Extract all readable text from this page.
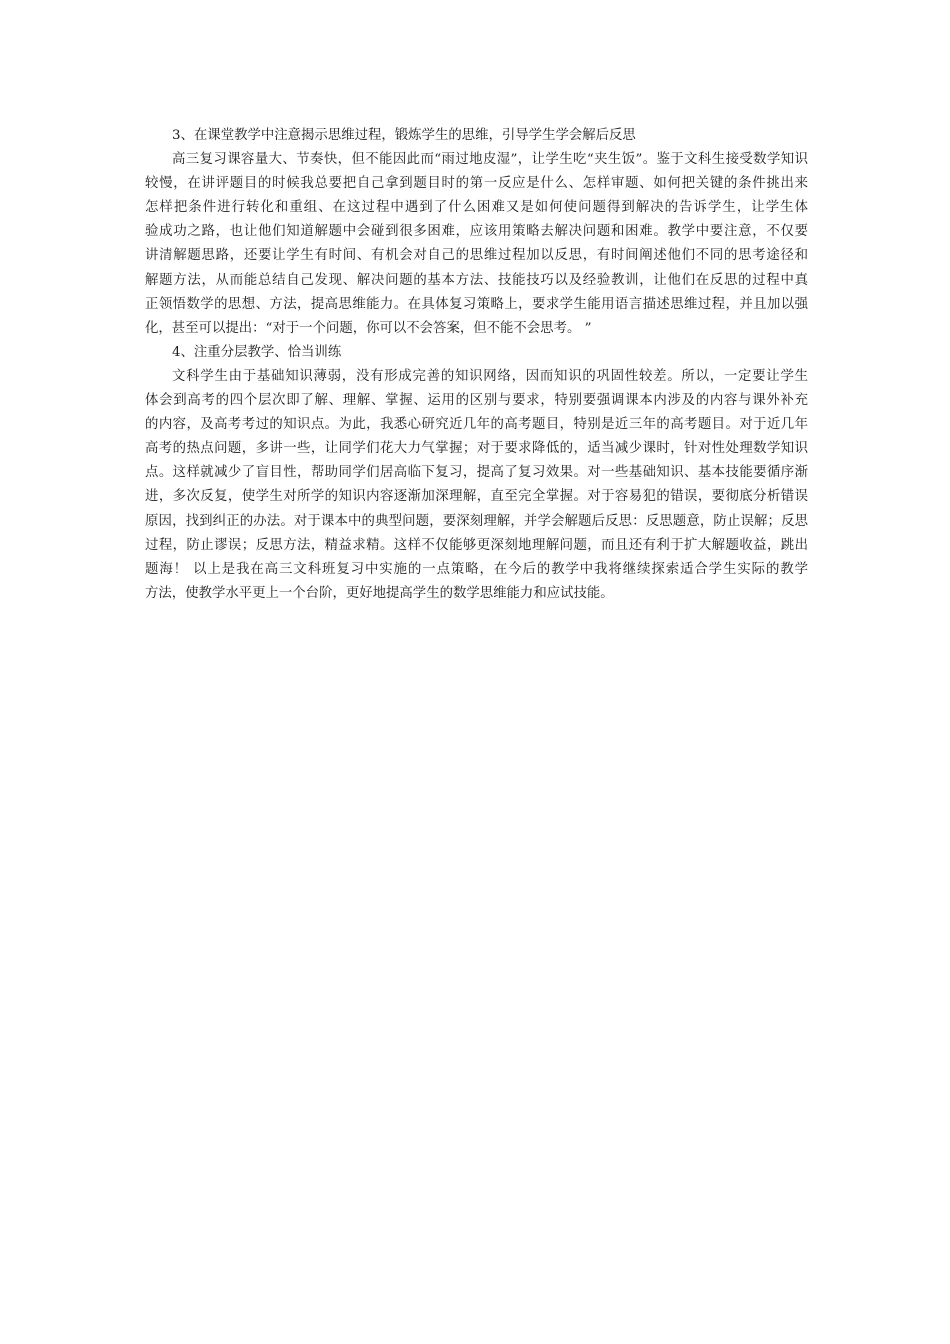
3、在课堂教学中注意揭示思维过程，锻炼学生的思维，引导学生学会解后反思
高三复习课容量大、节奏快，但不能因此而“雨过地皮湿”，让学生吃“夹生饭”。鉴于文科生接受数学知识
较慢，在讲评题目的时候我总要把自己拿到题目时的第一反应是什么、怎样审题、如何把关键的条件挑出来
怎样把条件进行转化和重组、在这过程中遇到了什么困难又是如何使问题得到解决的告诉学生，让学生体
验成功之路，也让他们知道解题中会碰到很多困难，应该用策略去解决问题和困难。教学中要注意，不仅要
讲清解题思路，还要让学生有时间、有机会对自己的思维过程加以反思，有时间阐述他们不同的思考途径和
解题方法，从而能总结自己发现、解决问题的基本方法、技能技巧以及经验教训，让他们在反思的过程中真
正领悟数学的思想、方法，提高思维能力。在具体复习策略上，要求学生能用语言描述思维过程，并且加以强
化，甚至可以提出：“对于一个问题，你可以不会答案，但不能不会思考。 ”
4、注重分层教学、恰当训练
文科学生由于基础知识薄弱，没有形成完善的知识网络，因而知识的巩固性较差。所以，一定要让学生
体会到高考的四个层次即了解、理解、掌握、运用的区别与要求，特别要强调课本内涉及的内容与课外补充
的内容，及高考考过的知识点。为此，我悉心研究近几年的高考题目，特别是近三年的高考题目。对于近几年
高考的热点问题，多讲一些，让同学们花大力气掌握；对于要求降低的，适当减少课时，针对性处理数学知识
点。这样就减少了盲目性，帮助同学们居高临下复习，提高了复习效果。对一些基础知识、基本技能要循序渐
进，多次反复，使学生对所学的知识内容逐渐加深理解，直至完全掌握。对于容易犯的错误，要彻底分析错误
原因，找到纠正的办法。对于课本中的典型问题，要深刻理解，并学会解题后反思：反思题意，防止误解；反思
过程，防止谬误；反思方法，精益求精。这样不仅能够更深刻地理解问题，而且还有利于扩大解题收益，跳出
题海！ 以上是我在高三文科班复习中实施的一点策略，在今后的教学中我将继续探索适合学生实际的教学
方法，使教学水平更上一个台阶，更好地提高学生的数学思维能力和应试技能。
